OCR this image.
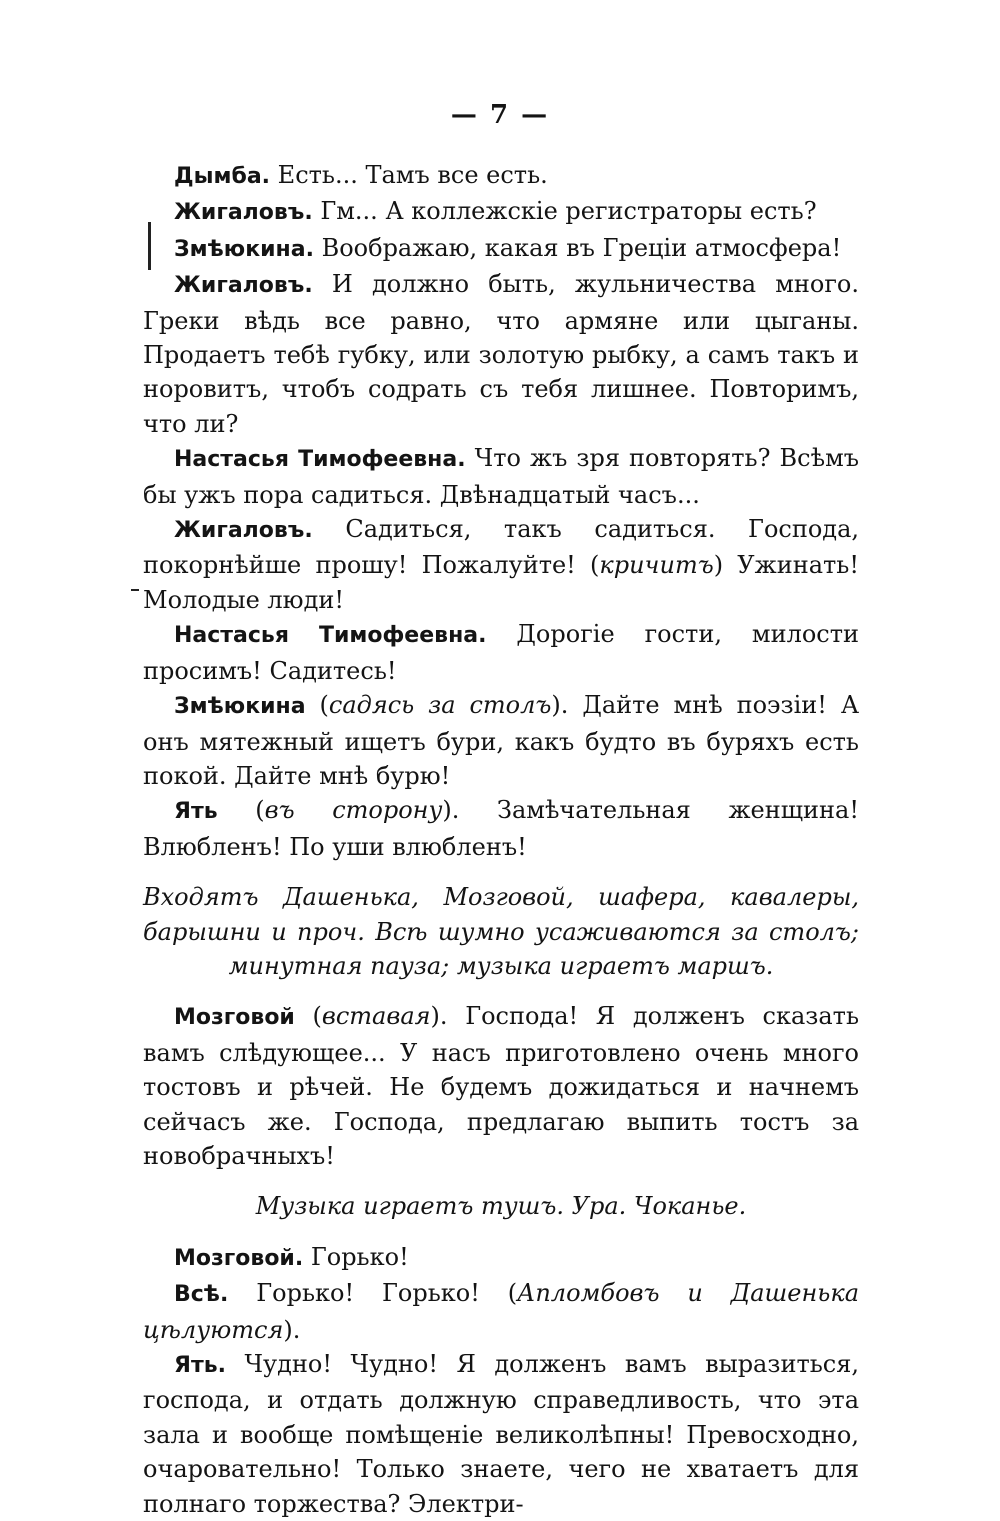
— 7 —

Дымба. Есть... Тамъ все есть.

Жигаловъ. Гм... А коллежскіе регистраторы есть?

Змѣюкина. Воображаю, какая въ Греціи атмосфера!

Жигаловъ. И должно быть, жульничества много. Греки вѣдь все равно, что армяне или цыганы. Продаетъ тебѣ губку, или золотую рыбку, а самъ такъ и норовитъ, чтобъ содрать съ тебя лишнее. Повторимъ, что ли?

Настасья Тимофеевна. Что жъ зря повторять? Всѣмъ бы ужъ пора садиться. Двѣнадцатый часъ...

Жигаловъ. Садиться, такъ садиться. Господа, покорнѣйше прошу! Пожалуйте! (кричитъ) Ужинать! Молодые люди!

Настасья Тимофеевна. Дорогіе гости, милости просимъ! Садитесь!

Змѣюкина (садясь за столъ). Дайте мнѣ поэзіи! А онъ мятежный ищетъ бури, какъ будто въ буряхъ есть покой. Дайте мнѣ бурю!

Ять (въ сторону). Замѣчательная женщина! Влюбленъ! По уши влюбленъ!

Входятъ Дашенька, Мозговой, шафера, кавалеры, барышни и проч. Всѣ шумно усаживаются за столъ; минутная пауза; музыка играетъ маршъ.

Мозговой (вставая). Господа! Я долженъ сказать вамъ слѣдующее... У насъ приготовлено очень много тостовъ и рѣчей. Не будемъ дожидаться и начнемъ сейчасъ же. Господа, предлагаю выпить тостъ за новобрачныхъ!

Музыка играетъ тушъ. Ура. Чоканье.

Мозговой. Горько!

Всѣ. Горько! Горько! (Апломбовъ и Дашенька цѣлуются).

Ять. Чудно! Чудно! Я долженъ вамъ выразиться, господа, и отдать должную справедливость, что эта зала и вообще помѣщеніе великолѣпны! Превосходно, очаровательно! Только знаете, чего не хватаетъ для полнаго торжества? Электри-
